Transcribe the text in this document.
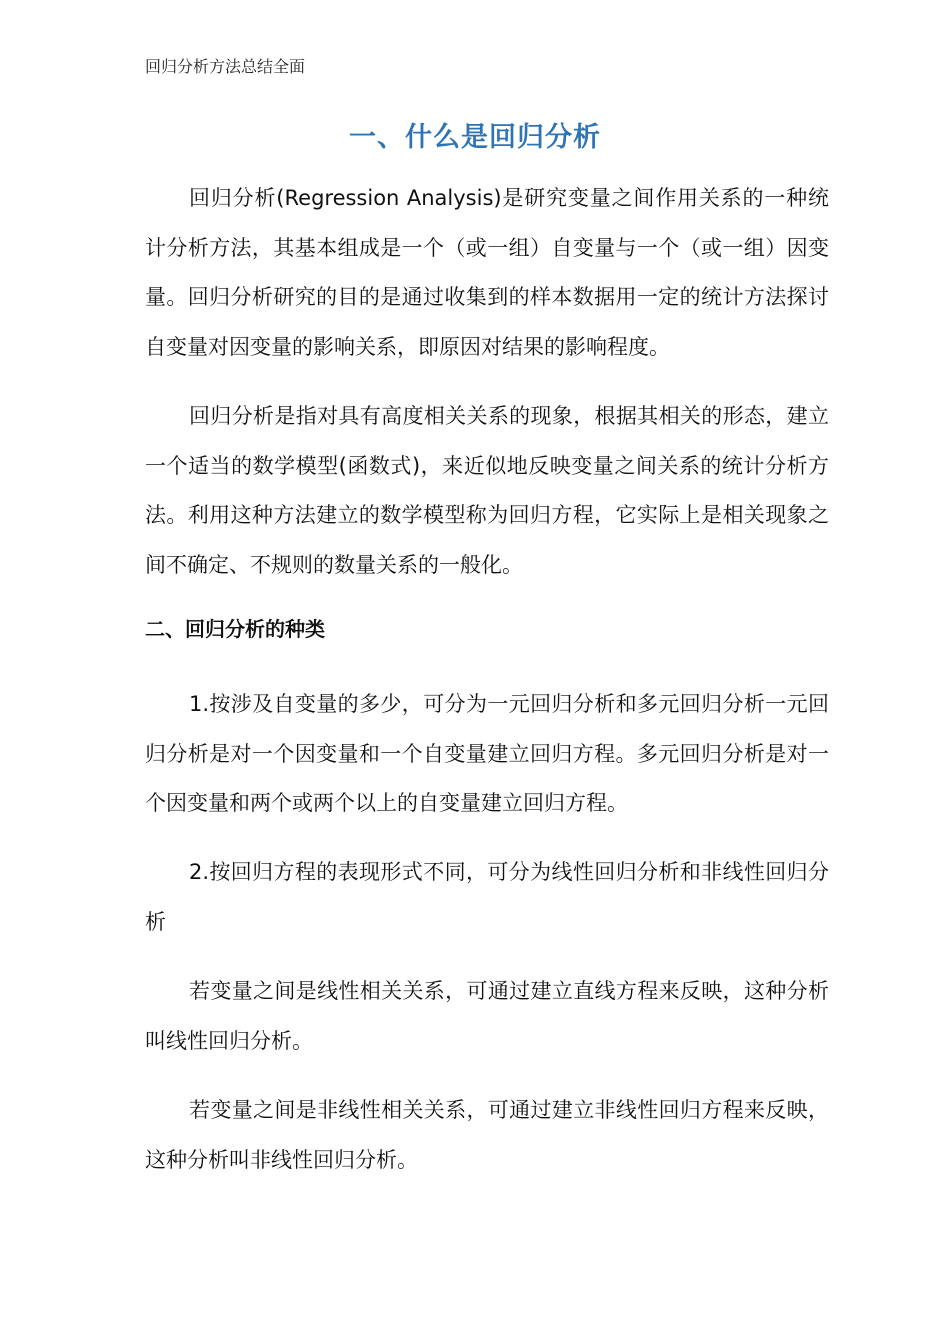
回归分析方法总结全面
一、什么是回归分析

回归分析(Regression Analysis)是研究变量之间作用关系的一种统计分析方法，其基本组成是一个（或一组）自变量与一个（或一组）因变量。回归分析研究的目的是通过收集到的样本数据用一定的统计方法探讨自变量对因变量的影响关系，即原因对结果的影响程度。

回归分析是指对具有高度相关关系的现象，根据其相关的形态，建立一个适当的数学模型(函数式)，来近似地反映变量之间关系的统计分析方法。利用这种方法建立的数学模型称为回归方程，它实际上是相关现象之间不确定、不规则的数量关系的一般化。

二、回归分析的种类

1.按涉及自变量的多少，可分为一元回归分析和多元回归分析一元回归分析是对一个因变量和一个自变量建立回归方程。多元回归分析是对一个因变量和两个或两个以上的自变量建立回归方程。

2.按回归方程的表现形式不同，可分为线性回归分析和非线性回归分析

若变量之间是线性相关关系，可通过建立直线方程来反映，这种分析叫线性回归分析。

若变量之间是非线性相关关系，可通过建立非线性回归方程来反映，这种分析叫非线性回归分析。
